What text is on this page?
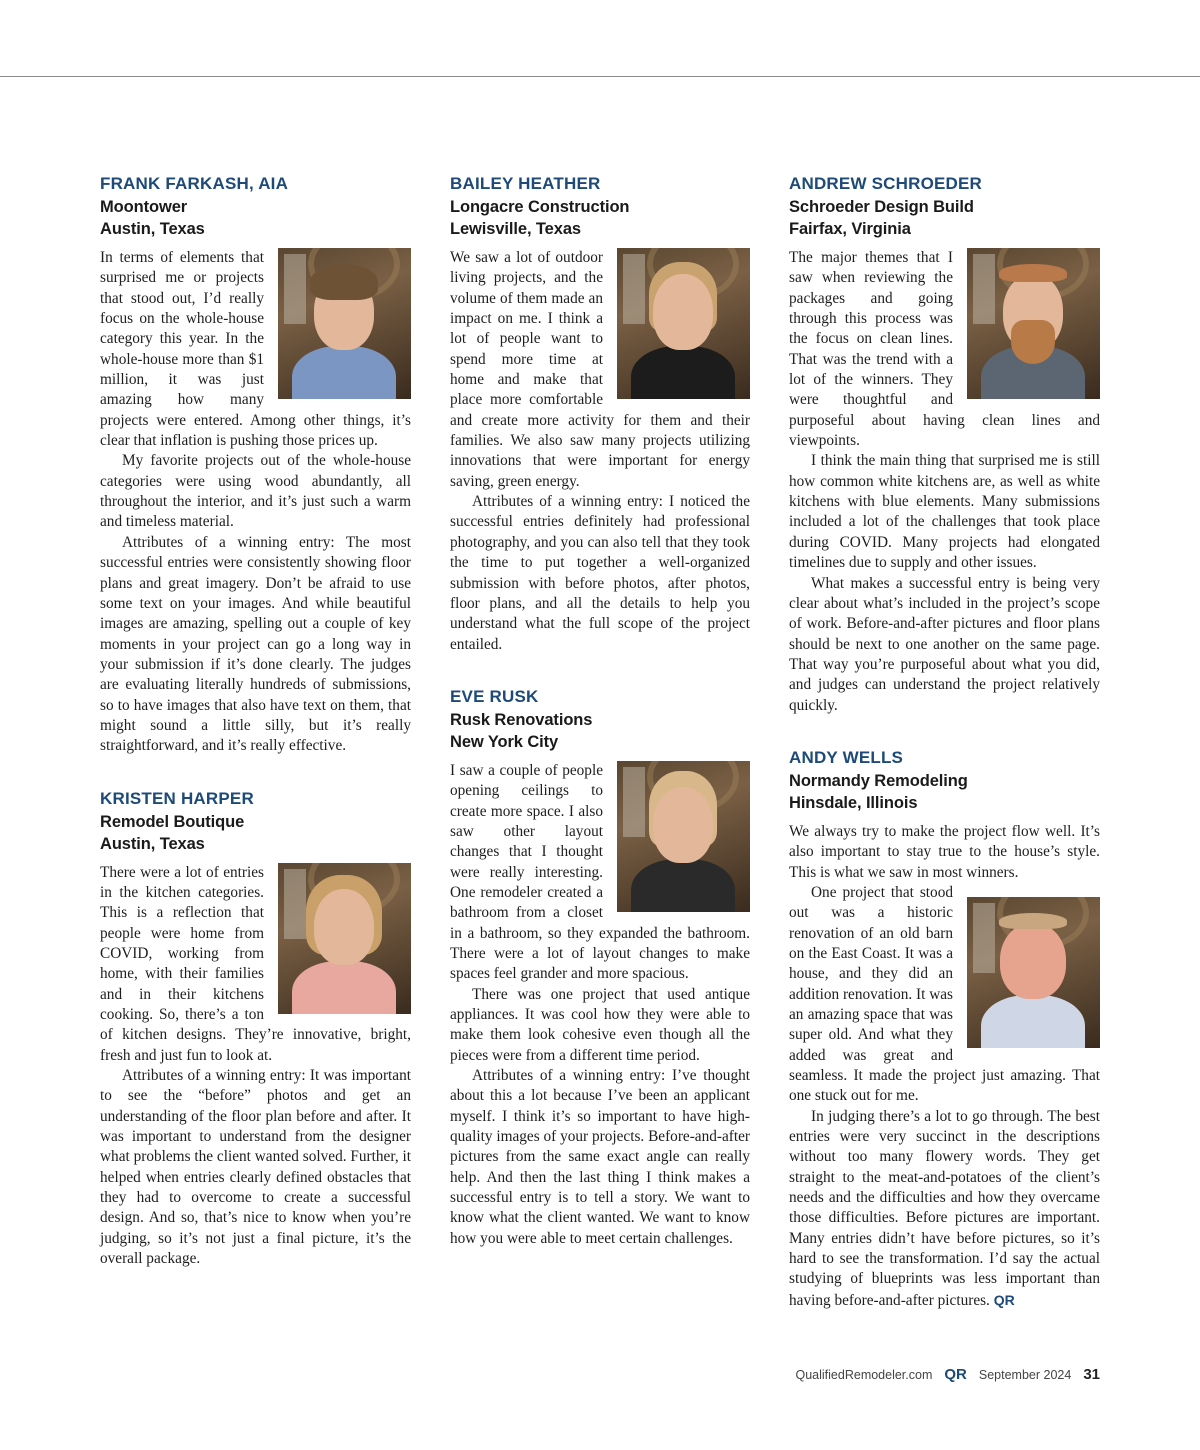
FRANK FARKASH, AIA
Moontower
Austin, Texas

In terms of elements that surprised me or projects that stood out, I’d really focus on the whole-house category this year. In the whole-house more than $1 million, it was just amazing how many projects were entered. Among other things, it’s clear that inflation is pushing those prices up.

My favorite projects out of the whole-house categories were using wood abundantly, all throughout the interior, and it’s just such a warm and timeless material.

Attributes of a winning entry: The most successful entries were consistently showing floor plans and great imagery. Don’t be afraid to use some text on your images. And while beautiful images are amazing, spelling out a couple of key moments in your project can go a long way in your submission if it’s done clearly. The judges are evaluating literally hundreds of submissions, so to have images that also have text on them, that might sound a little silly, but it’s really straightforward, and it’s really effective.

KRISTEN HARPER
Remodel Boutique
Austin, Texas

There were a lot of entries in the kitchen categories. This is a reflection that people were home from COVID, working from home, with their families and in their kitchens cooking. So, there’s a ton of kitchen designs. They’re innovative, bright, fresh and just fun to look at.

Attributes of a winning entry: It was important to see the “before” photos and get an understanding of the floor plan before and after. It was important to understand from the designer what problems the client wanted solved. Further, it helped when entries clearly defined obstacles that they had to overcome to create a successful design. And so, that’s nice to know when you’re judging, so it’s not just a final picture, it’s the overall package.

BAILEY HEATHER
Longacre Construction
Lewisville, Texas

We saw a lot of outdoor living projects, and the volume of them made an impact on me. I think a lot of people want to spend more time at home and make that place more comfortable and create more activity for them and their families. We also saw many projects utilizing innovations that were important for energy saving, green energy.

Attributes of a winning entry: I noticed the successful entries definitely had professional photography, and you can also tell that they took the time to put together a well-organized submission with before photos, after photos, floor plans, and all the details to help you understand what the full scope of the project entailed.

EVE RUSK
Rusk Renovations
New York City

I saw a couple of people opening ceilings to create more space. I also saw other layout changes that I thought were really interesting. One remodeler created a bathroom from a closet in a bathroom, so they expanded the bathroom. There were a lot of layout changes to make spaces feel grander and more spacious.

There was one project that used antique appliances. It was cool how they were able to make them look cohesive even though all the pieces were from a different time period.

Attributes of a winning entry: I’ve thought about this a lot because I’ve been an applicant myself. I think it’s so important to have high-quality images of your projects. Before-and-after pictures from the same exact angle can really help. And then the last thing I think makes a successful entry is to tell a story. We want to know what the client wanted. We want to know how you were able to meet certain challenges.

ANDREW SCHROEDER
Schroeder Design Build
Fairfax, Virginia

The major themes that I saw when reviewing the packages and going through this process was the focus on clean lines. That was the trend with a lot of the winners. They were thoughtful and purposeful about having clean lines and viewpoints.

I think the main thing that surprised me is still how common white kitchens are, as well as white kitchens with blue elements. Many submissions included a lot of the challenges that took place during COVID. Many projects had elongated timelines due to supply and other issues.

What makes a successful entry is being very clear about what’s included in the project’s scope of work. Before-and-after pictures and floor plans should be next to one another on the same page. That way you’re purposeful about what you did, and judges can understand the project relatively quickly.

ANDY WELLS
Normandy Remodeling
Hinsdale, Illinois

We always try to make the project flow well. It’s also important to stay true to the house’s style. This is what we saw in most winners.

One project that stood out was a historic renovation of an old barn on the East Coast. It was a house, and they did an addition renovation. It was an amazing space that was super old. And what they added was great and seamless. It made the project just amazing. That one stuck out for me.

In judging there’s a lot to go through. The best entries were very succinct in the descriptions without too many flowery words. They get straight to the meat-and-potatoes of the client’s needs and the difficulties and how they overcame those difficulties. Before pictures are important. Many entries didn’t have before pictures, so it’s hard to see the transformation. I’d say the actual studying of blueprints was less important than having before-and-after pictures. QR

QualifiedRemodeler.com QR September 2024 31
